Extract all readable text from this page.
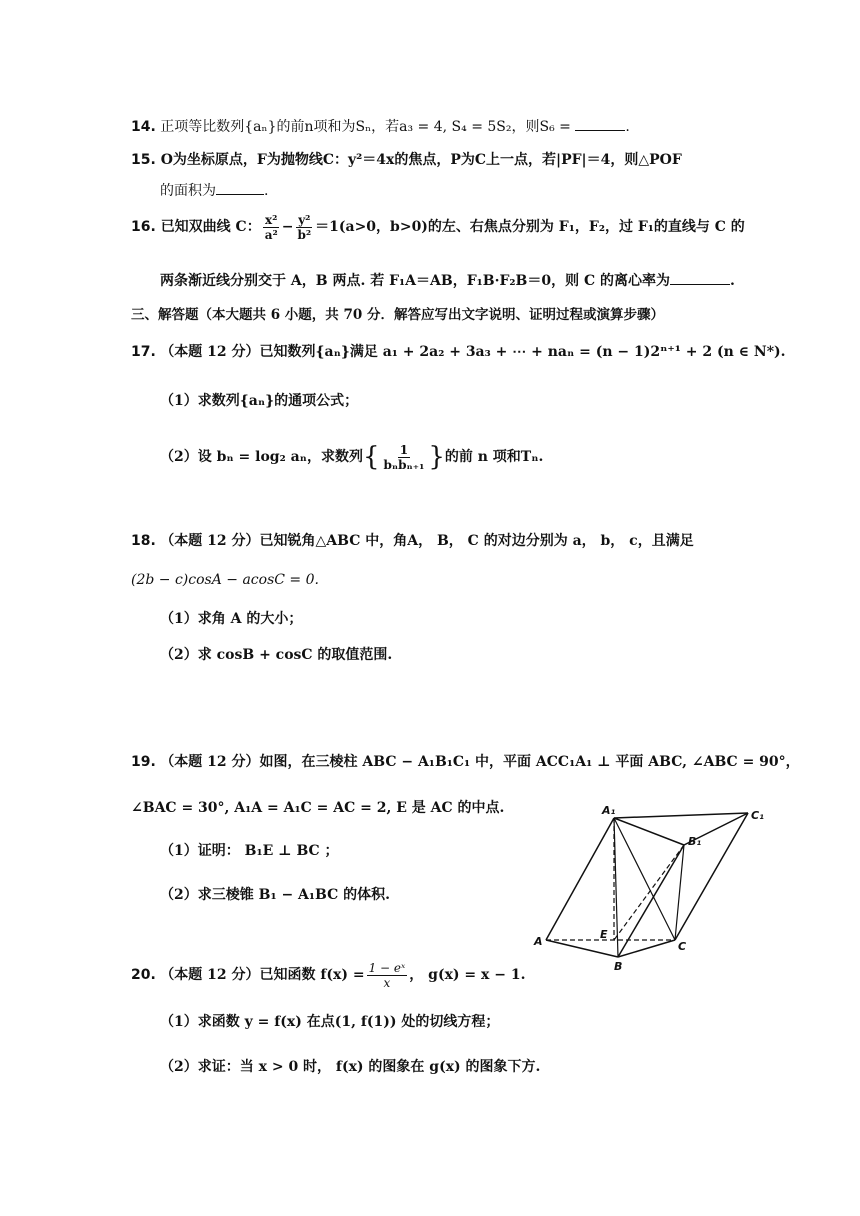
14. 正项等比数列{aₙ}的前n项和为Sₙ，若a₃ = 4, S₄ = 5S₂，则S₆ =	.
15. O为坐标原点，F为抛物线C：y²＝4x的焦点，P为C上一点，若|PF|＝4，则△POF
的面积为	.
16. 已知双曲线 C： $\frac{\text{x²}}{\text{a²}} - \frac{\text{y²}}{\text{b²}} =1(a>0$，b>0)的左、右焦点分别为 F₁，F₂，过 F₁的直线与 C 的
两条渐近线分别交于 A，B 两点. 若 F₁A＝AB，F₁B·F₂B＝0，则 C 的离心率为	.
三、解答题（本大题共 6 小题，共 70 分．解答应写出文字说明、证明过程或演算步骤）
17. （本题 12 分）已知数列{aₙ}满足 a₁ + 2a₂ + 3a₃ + ⋯ + naₙ = (n − 1)2ⁿ⁺¹ + 2 (n ∈ N*).
（1）求数列{aₙ}的通项公式；
（2）设 bₙ = log₂ aₙ，求数列{ $\frac{1}{\text{bₙbₙ₊₁}}$ }的前 n 项和Tₙ.
18. （本题 12 分）已知锐角△ABC 中，角A， B， C 的对边分别为 a， b， c，且满足
(2b − c)cosA − acosC = 0.
（1）求角 A 的大小；
（2）求 cosB + cosC 的取值范围.
19. （本题 12 分）如图，在三棱柱 ABC − A₁B₁C₁ 中，平面 ACC₁A₁ ⊥ 平面 ABC, ∠ABC = 90°，
∠BAC = 30°, A₁A = A₁C = AC = 2, E 是 AC 的中点.
（1）证明： B₁E ⊥ BC ；
（2）求三棱锥 B₁ − A₁BC 的体积.
A₁	C₁
B₁
A
E
C
B
20. （本题 12 分）已知函数 $f(x) = \frac{\text{1 − eˣ}}{x}$ ， g(x) = x − 1.
（1）求函数 y = f(x) 在点(1, f(1)) 处的切线方程；
（2）求证：当 x > 0 时， f(x) 的图象在 g(x) 的图象下方.
